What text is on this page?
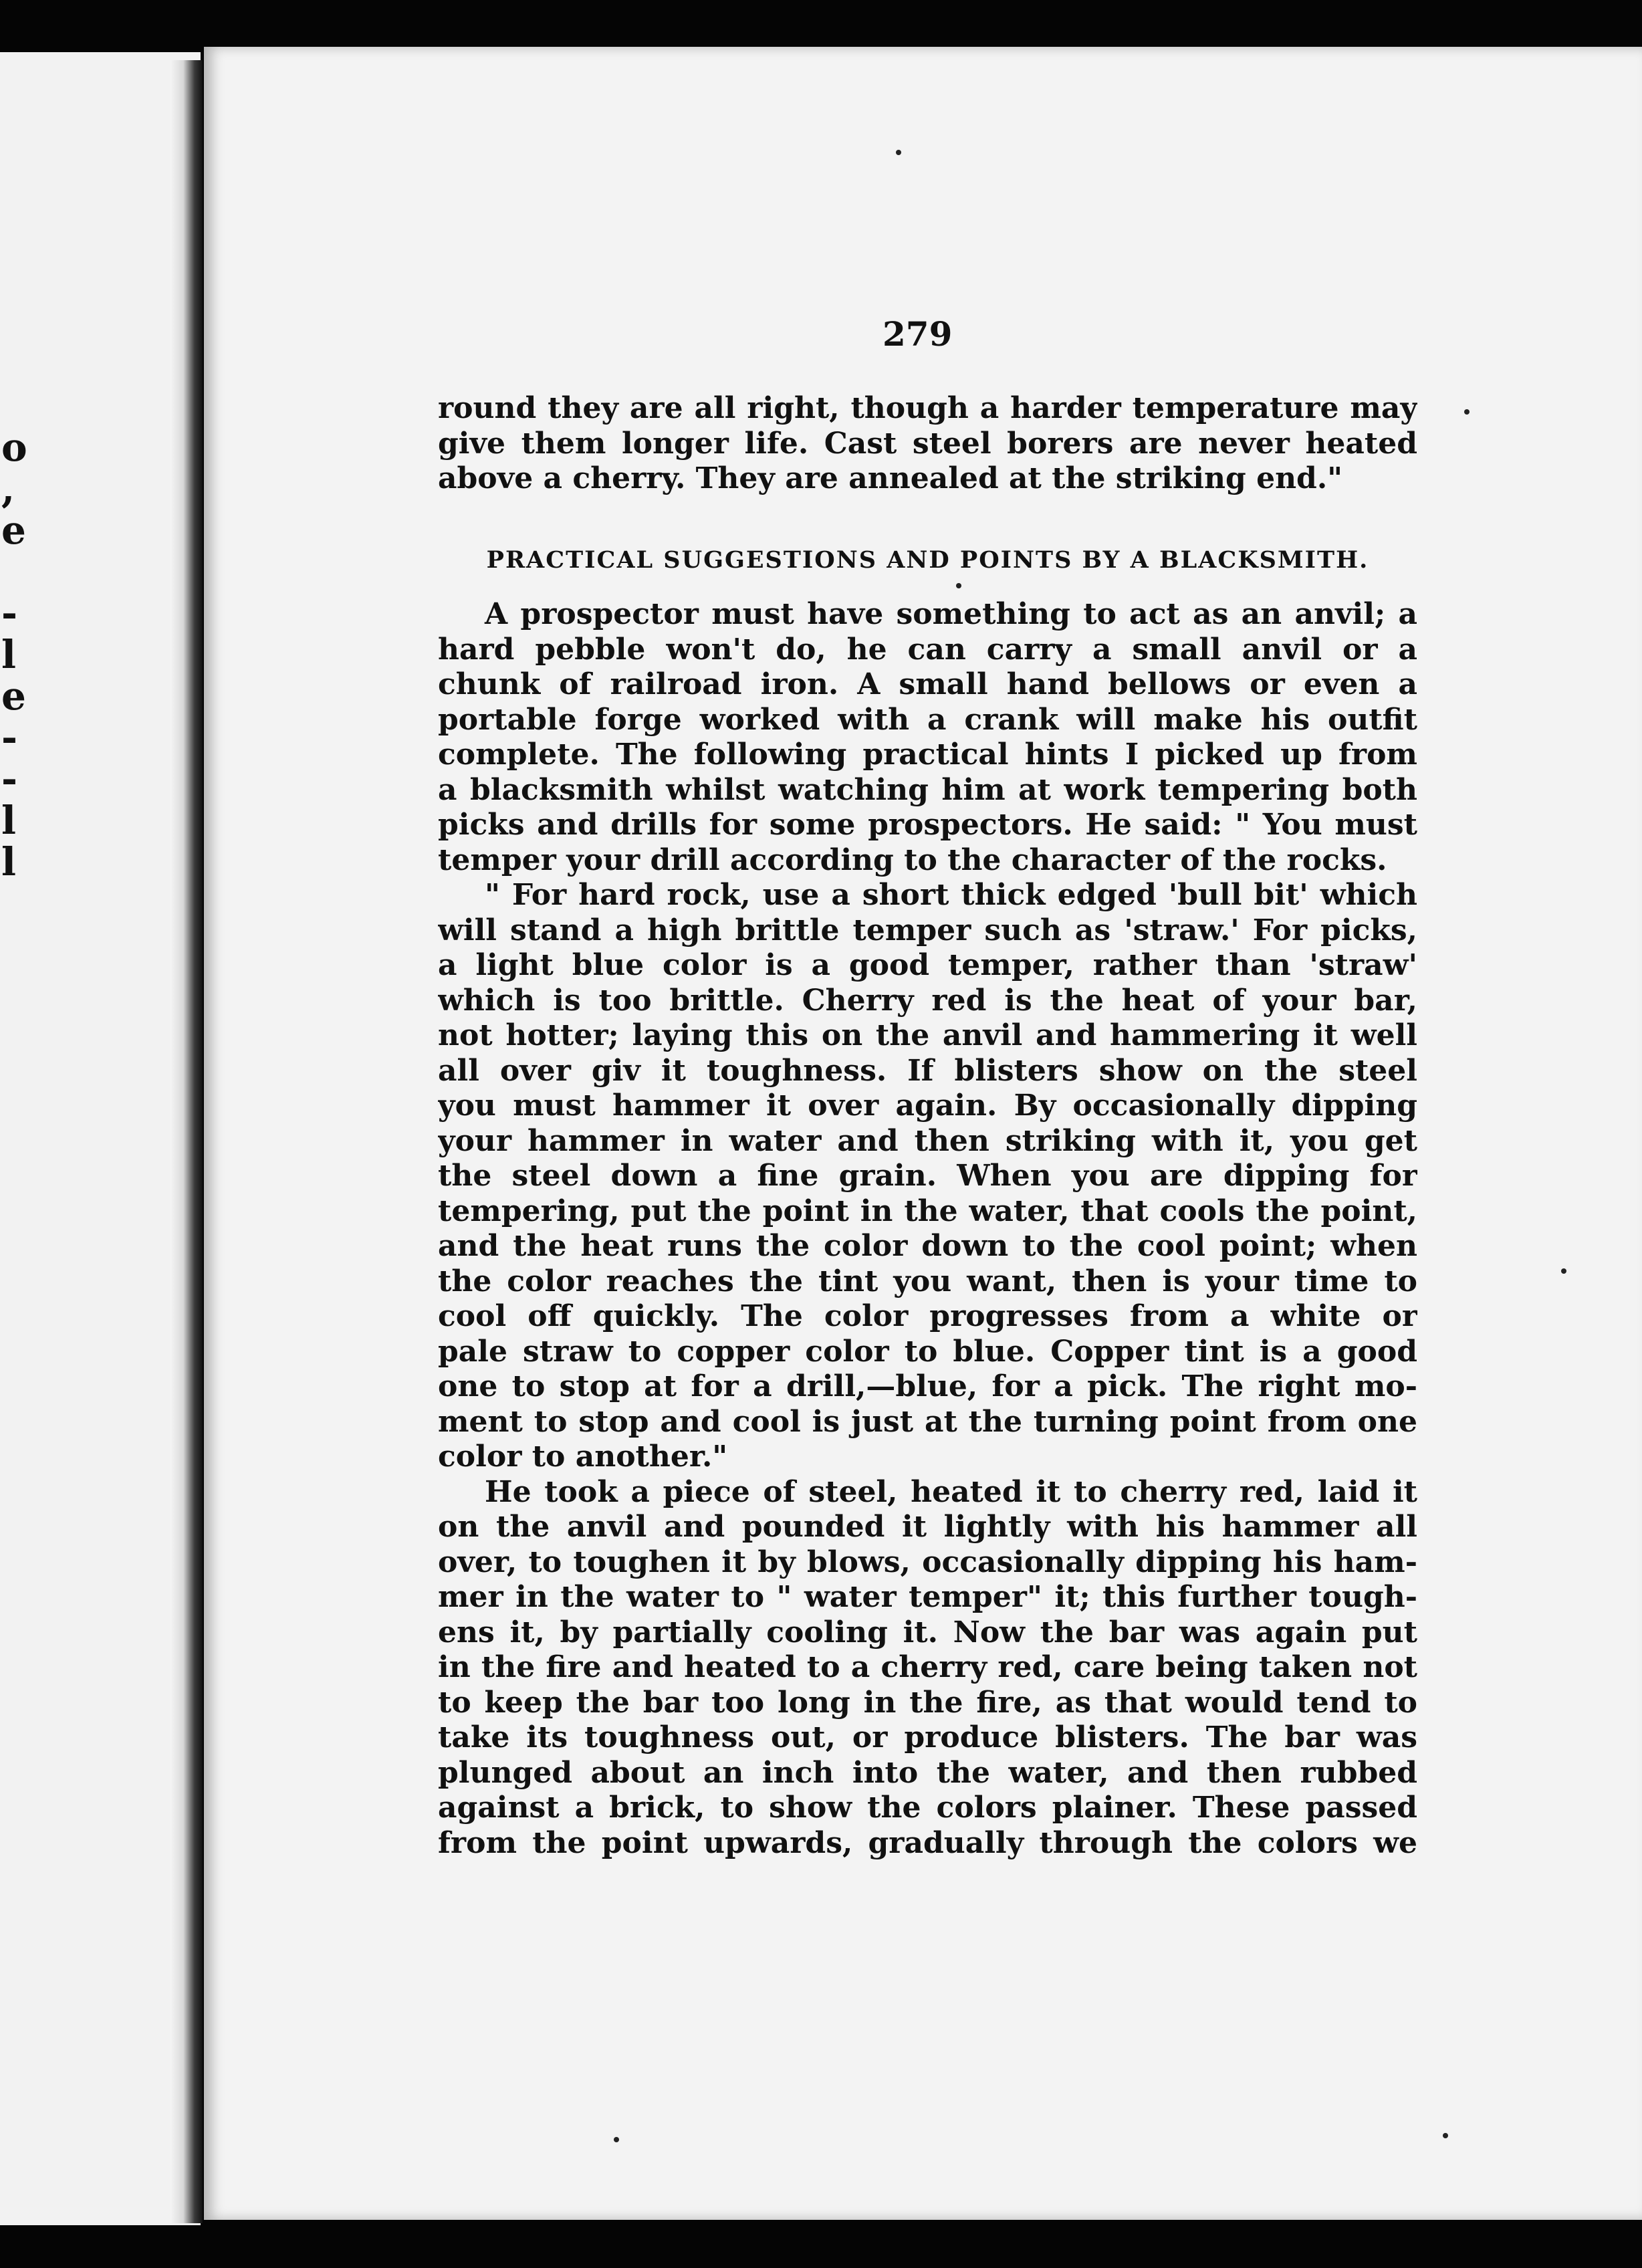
o
,
e

-
l
e
-
-
l
l
279
round they are all right, though a harder temperature may
give them longer life. Cast steel borers are never heated
above a cherry. They are annealed at the striking end."
PRACTICAL SUGGESTIONS AND POINTS BY A BLACKSMITH.
A prospector must have something to act as an anvil; a
hard pebble won't do, he can carry a small anvil or a
chunk of railroad iron. A small hand bellows or even a
portable forge worked with a crank will make his outfit
complete. The following practical hints I picked up from
a blacksmith whilst watching him at work tempering both
picks and drills for some prospectors. He said: " You must
temper your drill according to the character of the rocks.
" For hard rock, use a short thick edged 'bull bit' which
will stand a high brittle temper such as 'straw.' For picks,
a light blue color is a good temper, rather than 'straw'
which is too brittle. Cherry red is the heat of your bar,
not hotter; laying this on the anvil and hammering it well
all over giv it toughness. If blisters show on the steel
you must hammer it over again. By occasionally dipping
your hammer in water and then striking with it, you get
the steel down a fine grain. When you are dipping for
tempering, put the point in the water, that cools the point,
and the heat runs the color down to the cool point; when
the color reaches the tint you want, then is your time to
cool off quickly. The color progresses from a white or
pale straw to copper color to blue. Copper tint is a good
one to stop at for a drill,—blue, for a pick. The right mo-
ment to stop and cool is just at the turning point from one
color to another."
He took a piece of steel, heated it to cherry red, laid it
on the anvil and pounded it lightly with his hammer all
over, to toughen it by blows, occasionally dipping his ham-
mer in the water to " water temper" it; this further tough-
ens it, by partially cooling it. Now the bar was again put
in the fire and heated to a cherry red, care being taken not
to keep the bar too long in the fire, as that would tend to
take its toughness out, or produce blisters. The bar was
plunged about an inch into the water, and then rubbed
against a brick, to show the colors plainer. These passed
from the point upwards, gradually through the colors we
